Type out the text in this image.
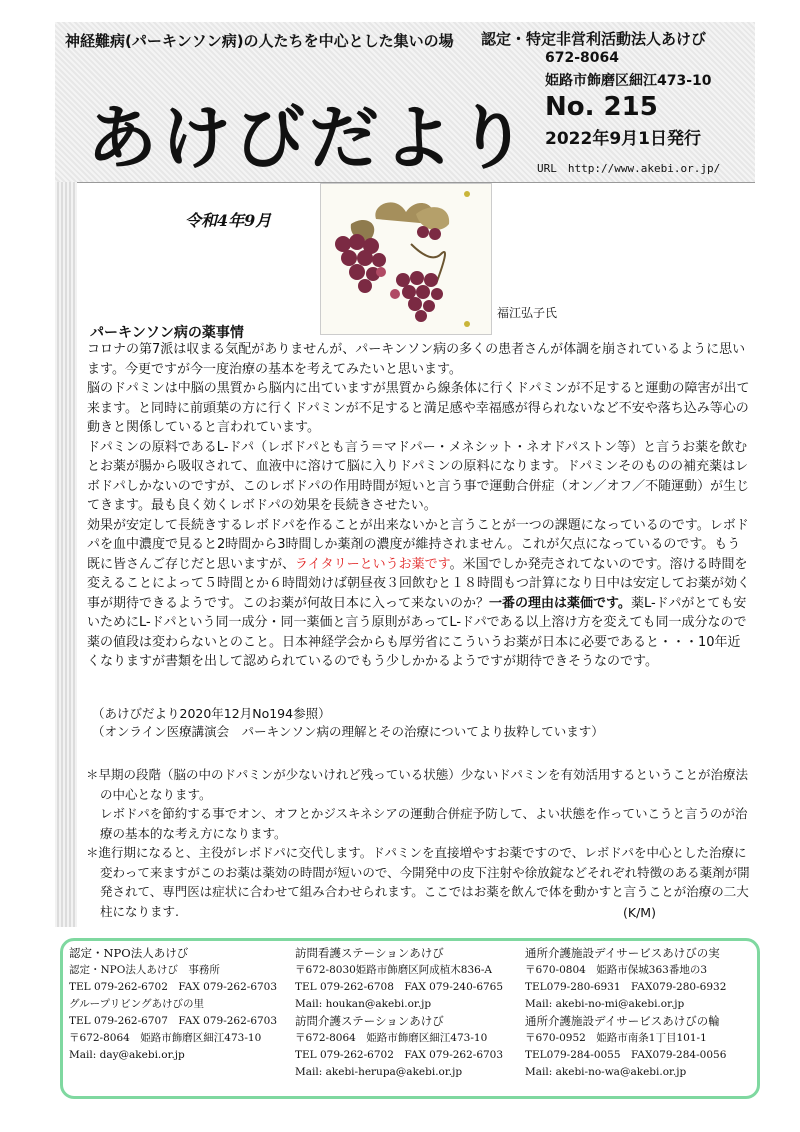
神経難病(パーキンソン病)の人たちを中心とした集いの場
あけびだより
認定・特定非営利活動法人あけび
672-8064
姫路市飾磨区細江473-10
No. 215
2022年9月1日発行
URL　http://www.akebi.or.jp/
令和4年9月
福江弘子氏
パーキンソン病の薬事情

コロナの第7派は収まる気配がありませんが、パーキンソン病の多くの患者さんが体調を崩されているように思います。今更ですが今一度治療の基本を考えてみたいと思います。

脳のドパミンは中脳の黒質から脳内に出ていますが黒質から線条体に行くドパミンが不足すると運動の障害が出て来ます。と同時に前頭葉の方に行くドパミンが不足すると満足感や幸福感が得られないなど不安や落ち込み等心の動きと関係していると言われています。

ドパミンの原料であるL-ドパ（レボドパとも言う＝マドパー・メネシット・ネオドパストン等）と言うお薬を飲むとお薬が腸から吸収されて、血液中に溶けて脳に入りドパミンの原料になります。ドパミンそのものの補充薬はレボドパしかないのですが、このレボドパの作用時間が短いと言う事で運動合併症（オン／オフ／不随運動）が生じてきます。最も良く効くレボドパの効果を長続きさせたい。

効果が安定して長続きするレボドパを作ることが出来ないかと言うことが一つの課題になっているのです。レボドパを血中濃度で見ると2時間から3時間しか薬剤の濃度が維持されません。これが欠点になっているのです。もう既に皆さんご存じだと思いますが、ライタリーというお薬です。米国でしか発売されてないのです。溶ける時間を変えることによって５時間とか６時間効けば朝昼夜３回飲むと１８時間もつ計算になり日中は安定してお薬が効く事が期待できるようです。このお薬が何故日本に入って来ないのか？一番の理由は薬価です。薬L-ドパがとても安いためにL-ドパという同一成分・同一薬価と言う原則があってL-ドパである以上溶け方を変えても同一成分なので薬の値段は変わらないとのこと。日本神経学会からも厚労省にこういうお薬が日本に必要であると・・・10年近くなりますが書類を出して認められているのでもう少しかかるようですが期待できそうなのです。

（あけびだより2020年12月No194参照）
（オンライン医療講演会　パーキンソン病の理解とその治療についてより抜粋しています）

＊早期の段階（脳の中のドパミンが少ないけれど残っている状態）少ないドパミンを有効活用するということが治療法の中心となります。

レボドパを節約する事でオン、オフとかジスキネシアの運動合併症予防して、よい状態を作っていこうと言うのが治療の基本的な考え方になります。

＊進行期になると、主役がレボドパに交代します。ドパミンを直接増やすお薬ですので、レボドパを中心とした治療に変わって来ますがこのお薬は薬効の時間が短いので、今開発中の皮下注射や徐放錠などそれぞれ特徴のある薬剤が開発されて、専門医は症状に合わせて組み合わせられます。ここではお薬を飲んで体を動かすと言うことが治療の二大柱になります.	(K/M)
認定・NPO法人あけび
認定・NPO法人あけび　事務所
TEL 079-262-6702　FAX 079-262-6703
グループリビングあけびの里
TEL 079-262-6707　FAX 079-262-6703
〒672-8064　姫路市飾磨区細江473-10
Mail: day@akebi.or.jp
訪問看護ステーションあけび
〒672-8030姫路市飾磨区阿成植木836-A
TEL 079-262-6708　FAX 079-240-6765
Mail: houkan@akebi.or.jp
訪問介護ステーションあけび
〒672-8064　姫路市飾磨区細江473-10
TEL 079-262-6702　FAX 079-262-6703
Mail: akebi-herupa@akebi.or.jp
通所介護施設デイサービスあけびの実
〒670-0804　姫路市保城363番地の3
TEL079-280-6931　FAX079-280-6932
Mail: akebi-no-mi@akebi.or.jp
通所介護施設デイサービスあけびの輪
〒670-0952　姫路市南条1丁目101-1
TEL079-284-0055　FAX079-284-0056
Mail: akebi-no-wa@akebi.or.jp
